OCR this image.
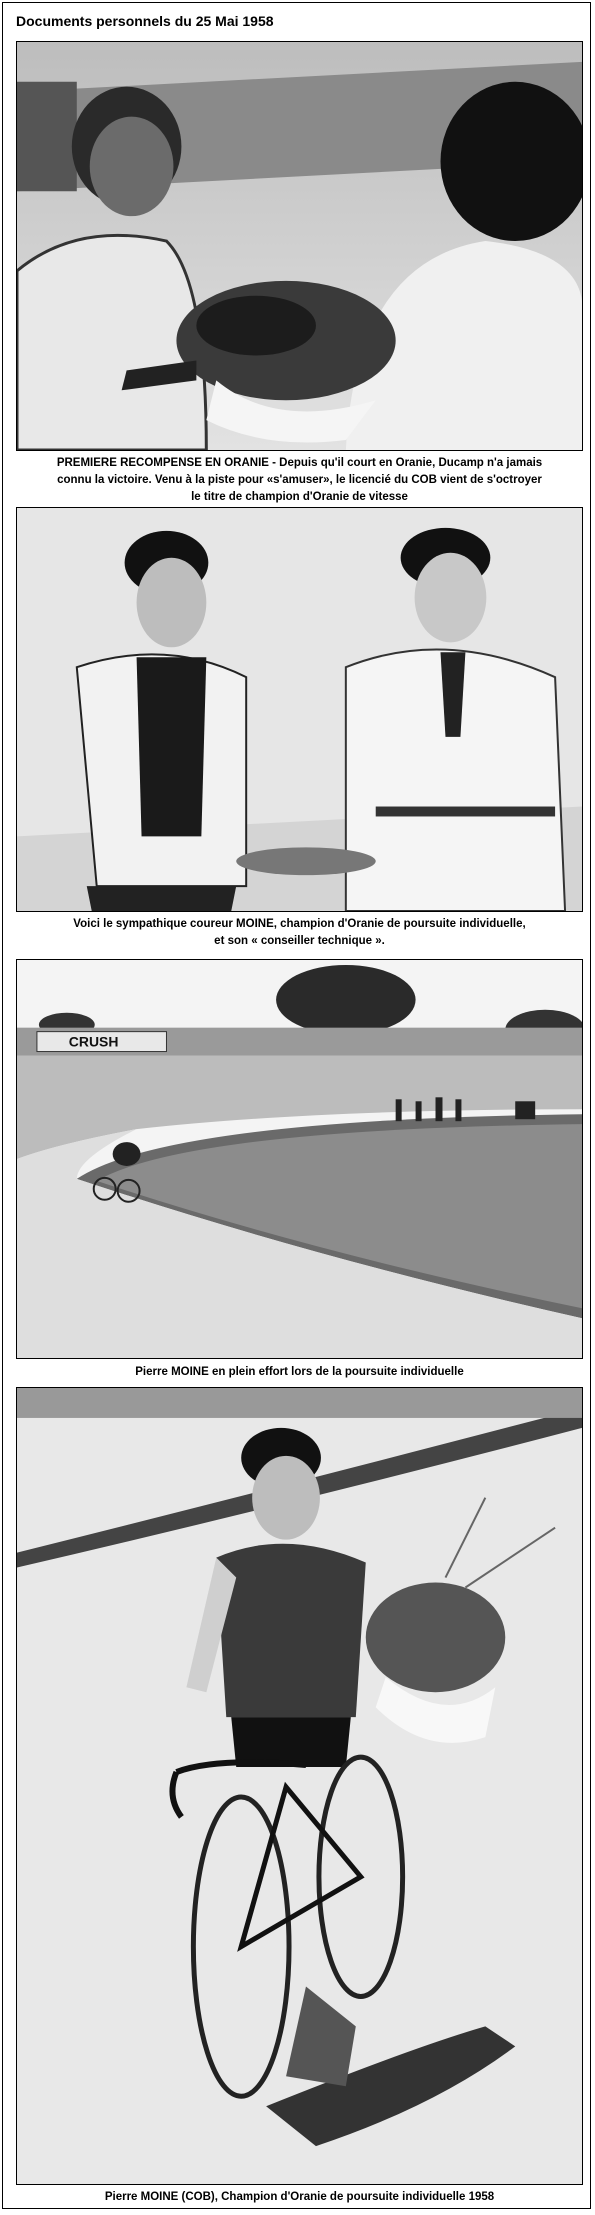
Documents personnels du 25 Mai 1958
PREMIERE RECOMPENSE EN ORANIE - Depuis qu'il court en Oranie, Ducamp n'a jamais
connu la victoire. Venu à la piste pour «s'amuser», le licencié du COB vient de s'octroyer
le titre de champion d'Oranie de vitesse
Voici le sympathique coureur MOINE, champion d'Oranie de poursuite individuelle,
et son « conseiller technique ».
CRUSH
Pierre MOINE en plein effort lors de la poursuite individuelle
Pierre MOINE (COB), Champion d'Oranie de poursuite individuelle 1958
